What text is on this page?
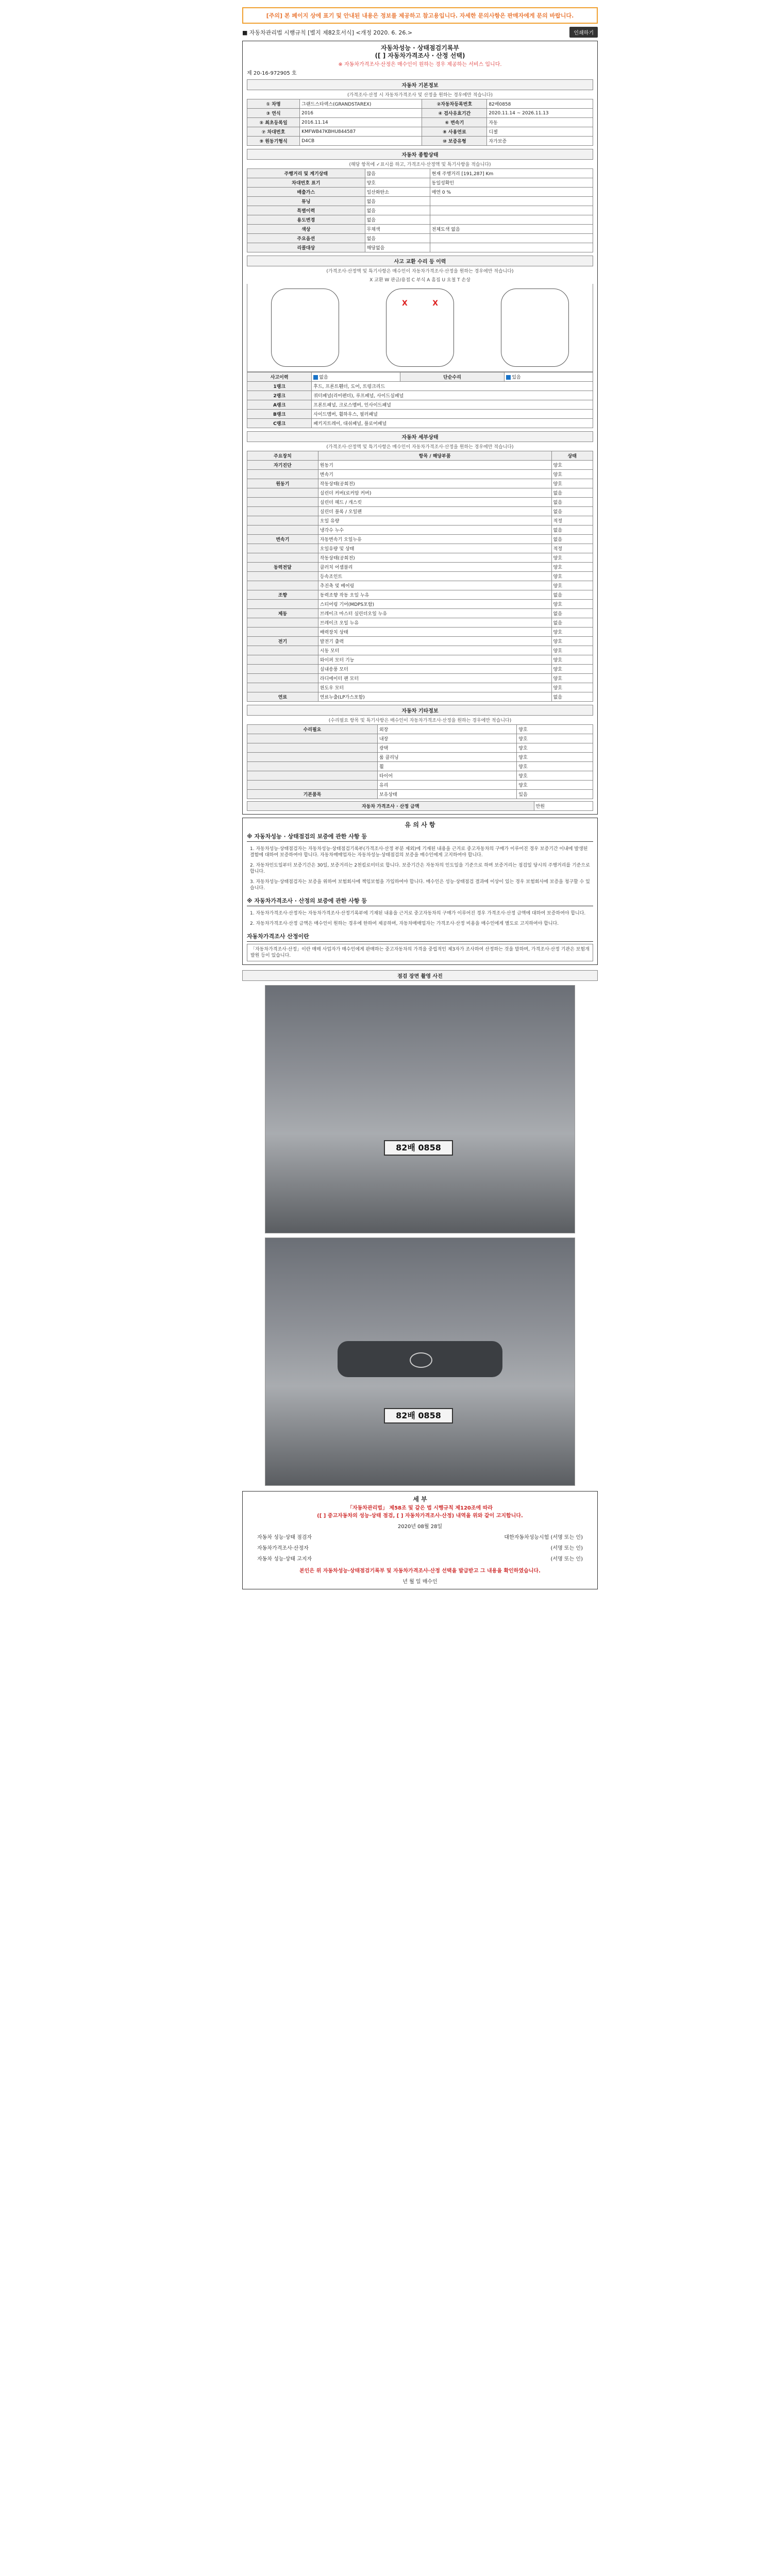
[주의] 본 페이지 상에 표기 및 안내된 내용은 정보를 제공하고 참고용입니다. 자세한 문의사항은 판매자에게 문의 바랍니다.
■ 자동차관리법 시행규칙 [별지 제82호서식] <개정 2020. 6. 26.>	인쇄하기
자동차성능 · 상태점검기록부
([ ] 자동차가격조사 · 산정 선택)
※ 자동차가격조사·산정은 매수인이 원하는 경우 제공하는 서비스 입니다.
제 20-16-972905 호
자동차 기본정보
(가격조사·산정 시 자동차가격조사 및 산정을 원하는 경우에만 적습니다)
① 차명	그랜드스타렉스(GRANDSTAREX)	②자동차등록번호	82배0858
③ 연식	2016	④ 검사유효기간	2020.11.14 ~ 2026.11.13
⑤ 최초등록일	2016.11.14	⑥ 변속기	자동
⑦ 차대번호	KMFWB47KBHU844587	⑧ 사용연료	디젤
⑨ 원동기형식	D4CB	⑩ 보증유형	자가보증
자동차 종합상태
(해당 항목에 ✓표시를 하고, 가격조사·산정액 및 특기사항을 적습니다)
주행거리 및 계기상태	많음	현재 주행거리 [191,287] Km
차대번호 표기	양호	동일성확인
배출가스	일산화탄소	매연 0 %
튜닝	없음	
특별이력	없음	
용도변경	없음	
색상	무채색	전체도색 없음
주요옵션	없음	
리콜대상	해당없음	
사고 교환 수리 등 이력
(가격조사·산정액 및 특기사항은 매수인이 자동차가격조사·산정을 원하는 경우에만 적습니다)
X 교환 W 판금/용접 C 부식 A 흠집 U 요철 T 손상
X	X
사고이력	없음	단순수리	있음
1랭크	후드, 프론트휀더, 도어, 트렁크리드		
2랭크	쿼터패널(리어펜더), 루프패널, 사이드실패널		
A랭크	프론트패널, 크로스멤버, 인사이드패널		
B랭크	사이드멤버, 휠하우스, 필러패널		
C랭크	패키지트레이, 대쉬패널, 플로어패널		
자동차 세부상태
(가격조사·산정액 및 특기사항은 매수인이 자동차가격조사·산정을 원하는 경우에만 적습니다)
주요장치	항목 / 해당부품	상태
자기진단	원동기	양호
	변속기	양호
원동기	작동상태(공회전)	양호
	실린더 커버(로커암 커버)	없음
	실린더 헤드 / 개스킷	없음
	실린더 블록 / 오일팬	없음
	오일 유량	적정
	냉각수 누수	없음
변속기	자동변속기 오일누유	없음
	오일유량 및 상태	적정
	작동상태(공회전)	양호
동력전달	클러치 어셈블리	양호
	등속조인트	양호
	추진축 및 베어링	양호
조향	동력조향 작동 오일 누유	없음
	스티어링 기어(MDPS포함)	양호
제동	브레이크 마스터 실린더오일 누유	없음
	브레이크 오일 누유	없음
	배력장치 상태	양호
전기	발전기 출력	양호
	시동 모터	양호
	와이퍼 모터 기능	양호
	실내송풍 모터	양호
	라디에이터 팬 모터	양호
	윈도우 모터	양호
연료	연료누출(LP가스포함)	없음
자동차 기타정보
(수리필요 항목 및 특기사항은 매수인이 자동차가격조사·산정을 원하는 경우에만 적습니다)
수리필요	외장	양호
	내장	양호
	광택	양호
	룸 클리닝	양호
	휠	양호
	타이어	양호
	유리	양호
기본품목	보유상태	있음
자동차 가격조사 · 산정 금액	만원
유 의 사 항
※ 자동차성능 · 상태점검의 보증에 관한 사항 등
1. 자동차성능·상태점검자는 자동차성능·상태점검기록부(가격조사·산정 부분 제외)에 기재된 내용을 근거로 중고자동차의 구매가 이루어진 경우 보증기간 이내에 발생된 결함에 대하여 보증하여야 합니다. 자동차매매업자는 자동차성능·상태점검의 보증을 매수인에게 고지하여야 합니다.
2. 자동차인도일부터 보증기간은 30일, 보증거리는 2천킬로미터로 합니다. 보증기간은 자동차의 인도일을 기준으로 하며 보증거리는 점검일 당시의 주행거리를 기준으로 합니다.
3. 자동차성능·상태점검자는 보증을 위하여 보험회사에 책임보험을 가입하여야 합니다. 매수인은 성능·상태점검 결과에 이상이 있는 경우 보험회사에 보증을 청구할 수 있습니다.
※ 자동차가격조사 · 산정의 보증에 관한 사항 등
1. 자동차가격조사·산정자는 자동차가격조사·산정기록부에 기재된 내용을 근거로 중고자동차의 구매가 이루어진 경우 가격조사·산정 금액에 대하여 보증하여야 합니다.
2. 자동차가격조사·산정 금액은 매수인이 원하는 경우에 한하여 제공하며, 자동차매매업자는 가격조사·산정 비용을 매수인에게 별도로 고지하여야 합니다.
자동차가격조사 산정이란
「자동차가격조사·산정」이란 매매 사업자가 매수인에게 판매하는 중고자동차의 가격을 중립적인 제3자가 조사하여 산정하는 것을 말하며, 가격조사·산정 기관은 보험개발원 등이 있습니다.
점검 장면 촬영 사진
82배 0858
82배 0858
세 부
「자동차관리법」 제58조 및 같은 법 시행규칙 제120조에 따라
([ ] 중고자동차의 성능·상태 점검, [ ] 자동차가격조사·산정) 내역을 위와 같이 고지합니다.
2020년 08월 28일
자동차 성능·상태 점검자	대한자동차성능시험 (서명 또는 인)
자동차가격조사·산정자	(서명 또는 인)
자동차 성능·상태 고지자	(서명 또는 인)
본인은 위 자동차성능·상태점검기록부 및 자동차가격조사·산정 선택을 발급받고 그 내용을 확인하였습니다.
년 월 일 매수인
